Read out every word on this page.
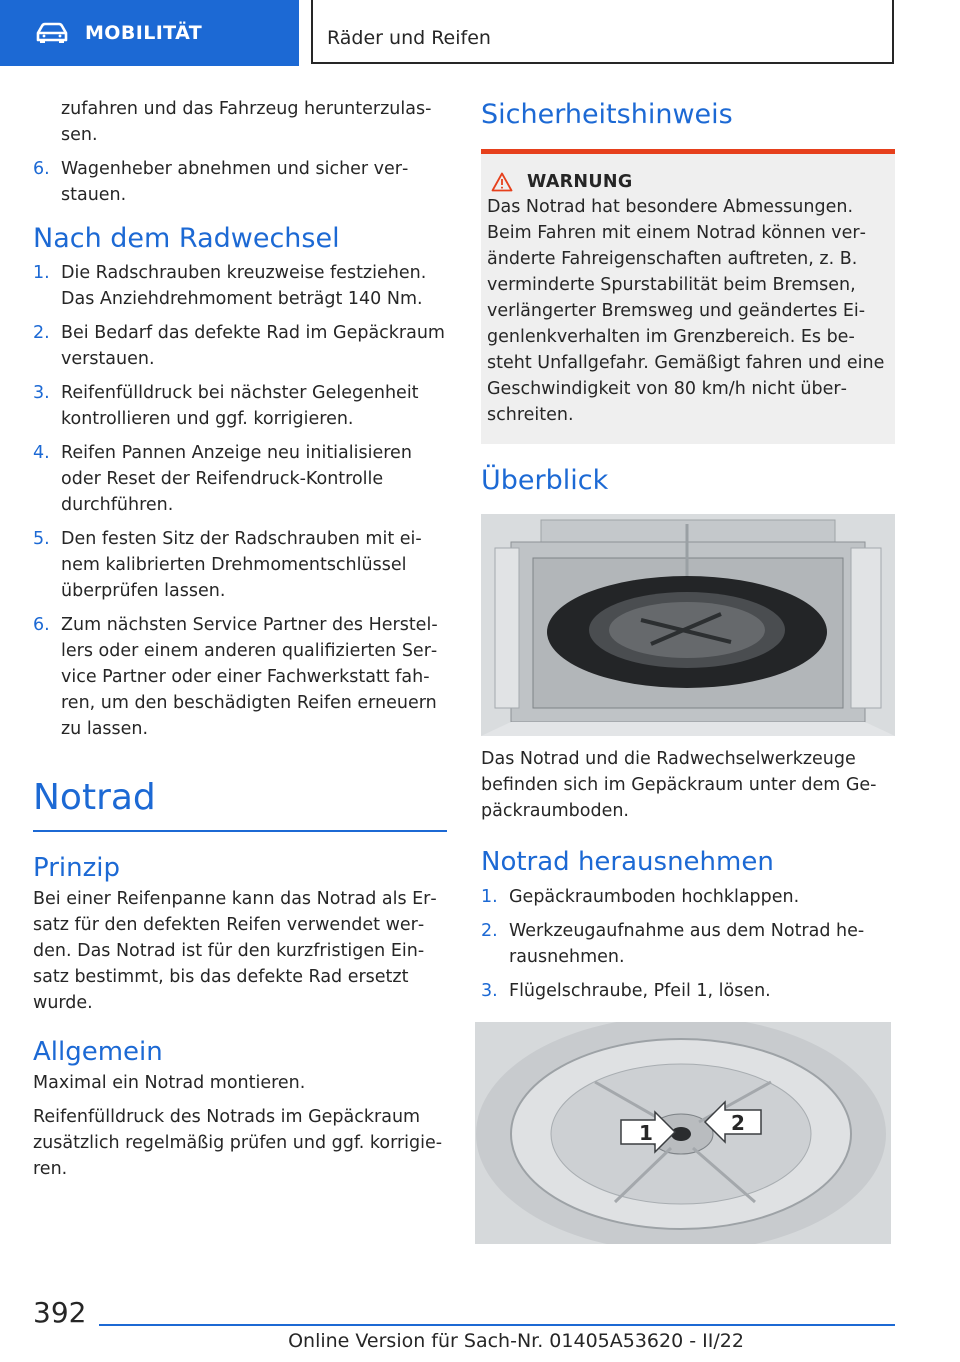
MOBILITÄT	Räder und Reifen

zufahren und das Fahrzeug herunterzulas-

sen.

6. Wagenheber abnehmen und sicher verstauen.
Nach dem Radwechsel
1. Die Radschrauben kreuzweise festziehen. Das Anziehdrehmoment beträgt 140 Nm.
2. Bei Bedarf das defekte Rad im Gepäckraum verstauen.
3. Reifenfülldruck bei nächster Gelegenheit kontrollieren und ggf. korrigieren.
4. Reifen Pannen Anzeige neu initialisieren oder Reset der Reifendruck-Kontrolle durchführen.
5. Den festen Sitz der Radschrauben mit einem kalibrierten Drehmomentschlüssel überprüfen lassen.
6. Zum nächsten Service Partner des Herstellers oder einem anderen qualifizierten Service Partner oder einer Fachwerkstatt fahren, um den beschädigten Reifen erneuern zu lassen.
Notrad
Prinzip

Bei einer Reifenpanne kann das Notrad als Ersatz für den defekten Reifen verwendet werden. Das Notrad ist für den kurzfristigen Einsatz bestimmt, bis das defekte Rad ersetzt wurde.

Allgemein

Maximal ein Notrad montieren.

Reifenfülldruck des Notrads im Gepäckraum zusätzlich regelmäßig prüfen und ggf. korrigieren.

Sicherheitshinweis
WARNUNG

Das Notrad hat besondere Abmessungen. Beim Fahren mit einem Notrad können veränderte Fahreigenschaften auftreten, z. B. verminderte Spurstabilität beim Bremsen, verlängerter Bremsweg und geändertes Eigenlenkverhalten im Grenzbereich. Es besteht Unfallgefahr. Gemäßigt fahren und eine Geschwindigkeit von 80 km/h nicht überschreiten.

Überblick

Das Notrad und die Radwechselwerkzeuge befinden sich im Gepäckraum unter dem Gepäckraumboden.

Notrad herausnehmen
1. Gepäckraumboden hochklappen.
2. Werkzeugaufnahme aus dem Notrad herausnehmen.
3. Flügelschraube, Pfeil 1, lösen.
1	2
392
Online Version für Sach-Nr. 01405A53620 - II/22
